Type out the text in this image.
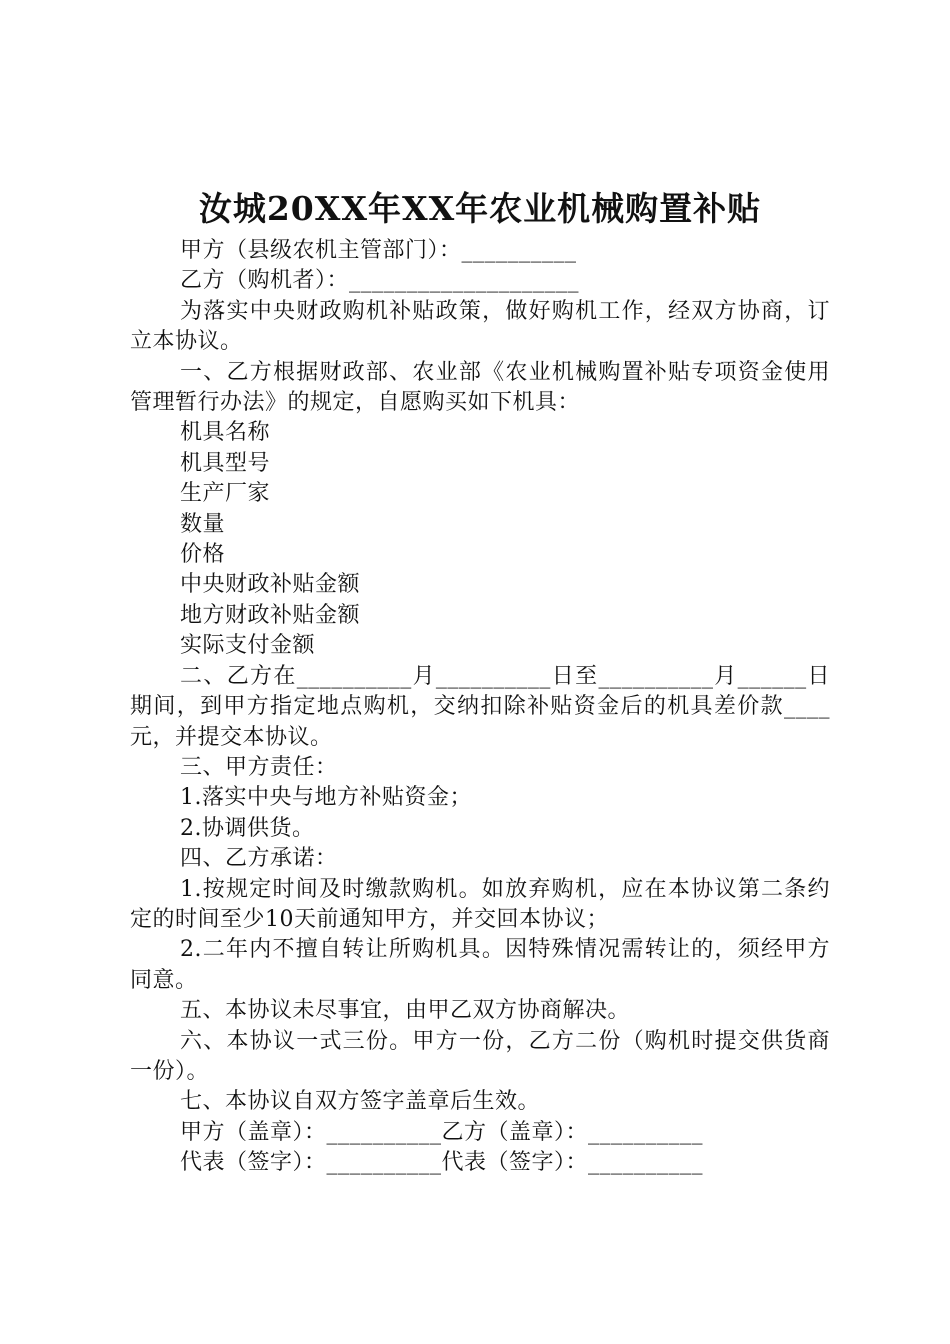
汝城20XX年XX年农业机械购置补贴

甲方（县级农机主管部门）：__________

乙方（购机者）：____________________

为落实中央财政购机补贴政策，做好购机工作，经双方协商，订立本协议。

一、乙方根据财政部、农业部《农业机械购置补贴专项资金使用管理暂行办法》的规定，自愿购买如下机具：

机具名称

机具型号

生产厂家

数量

价格

中央财政补贴金额

地方财政补贴金额

实际支付金额

二、乙方在__________月__________日至__________月______日期间，到甲方指定地点购机，交纳扣除补贴资金后的机具差价款____元，并提交本协议。

三、甲方责任：

1.落实中央与地方补贴资金；

2.协调供货。

四、乙方承诺：

1.按规定时间及时缴款购机。如放弃购机，应在本协议第二条约定的时间至少10天前通知甲方，并交回本协议；

2.二年内不擅自转让所购机具。因特殊情况需转让的，须经甲方同意。

五、本协议未尽事宜，由甲乙双方协商解决。

六、本协议一式三份。甲方一份，乙方二份（购机时提交供货商一份）。

七、本协议自双方签字盖章后生效。

甲方（盖章）：__________乙方（盖章）：__________

代表（签字）：__________代表（签字）：__________
